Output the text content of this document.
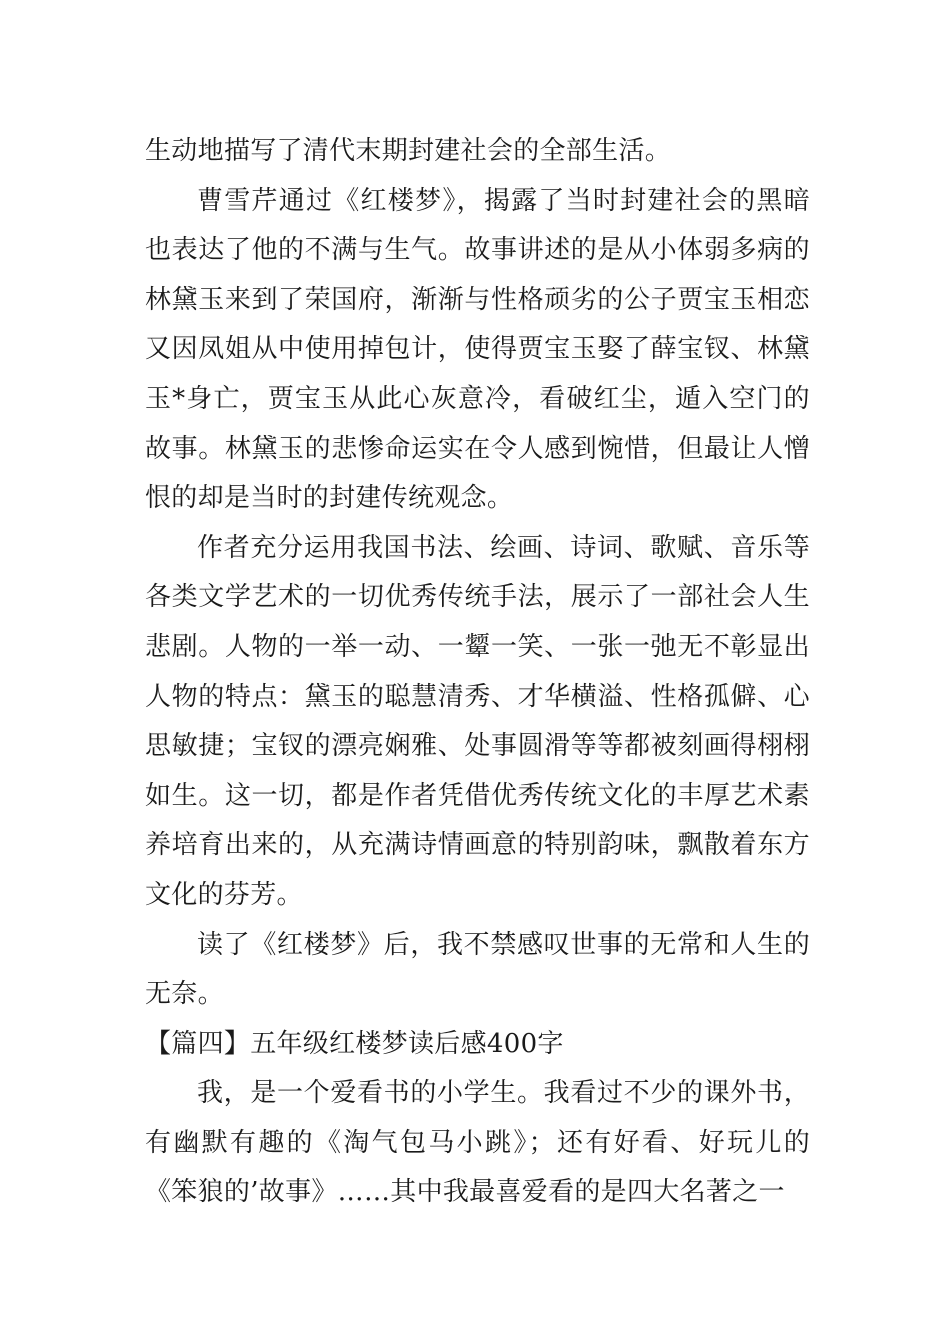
生动地描写了清代末期封建社会的全部生活。

曹雪芹通过《红楼梦》，揭露了当时封建社会的黑暗也表达了他的不满与生气。故事讲述的是从小体弱多病的林黛玉来到了荣国府，渐渐与性格顽劣的公子贾宝玉相恋又因凤姐从中使用掉包计，使得贾宝玉娶了薛宝钗、林黛玉*身亡，贾宝玉从此心灰意冷，看破红尘，遁入空门的故事。林黛玉的悲惨命运实在令人感到惋惜，但最让人憎恨的却是当时的封建传统观念。

作者充分运用我国书法、绘画、诗词、歌赋、音乐等各类文学艺术的一切优秀传统手法，展示了一部社会人生悲剧。人物的一举一动、一颦一笑、一张一弛无不彰显出人物的特点：黛玉的聪慧清秀、才华横溢、性格孤僻、心思敏捷；宝钗的漂亮娴雅、处事圆滑等等都被刻画得栩栩如生。这一切，都是作者凭借优秀传统文化的丰厚艺术素养培育出来的，从充满诗情画意的特别韵味，飘散着东方文化的芬芳。

读了《红楼梦》后，我不禁感叹世事的无常和人生的无奈。

【篇四】五年级红楼梦读后感400字

我，是一个爱看书的小学生。我看过不少的课外书，有幽默有趣的《淘气包马小跳》；还有好看、好玩儿的《笨狼的’故事》……其中我最喜爱看的是四大名著之一
